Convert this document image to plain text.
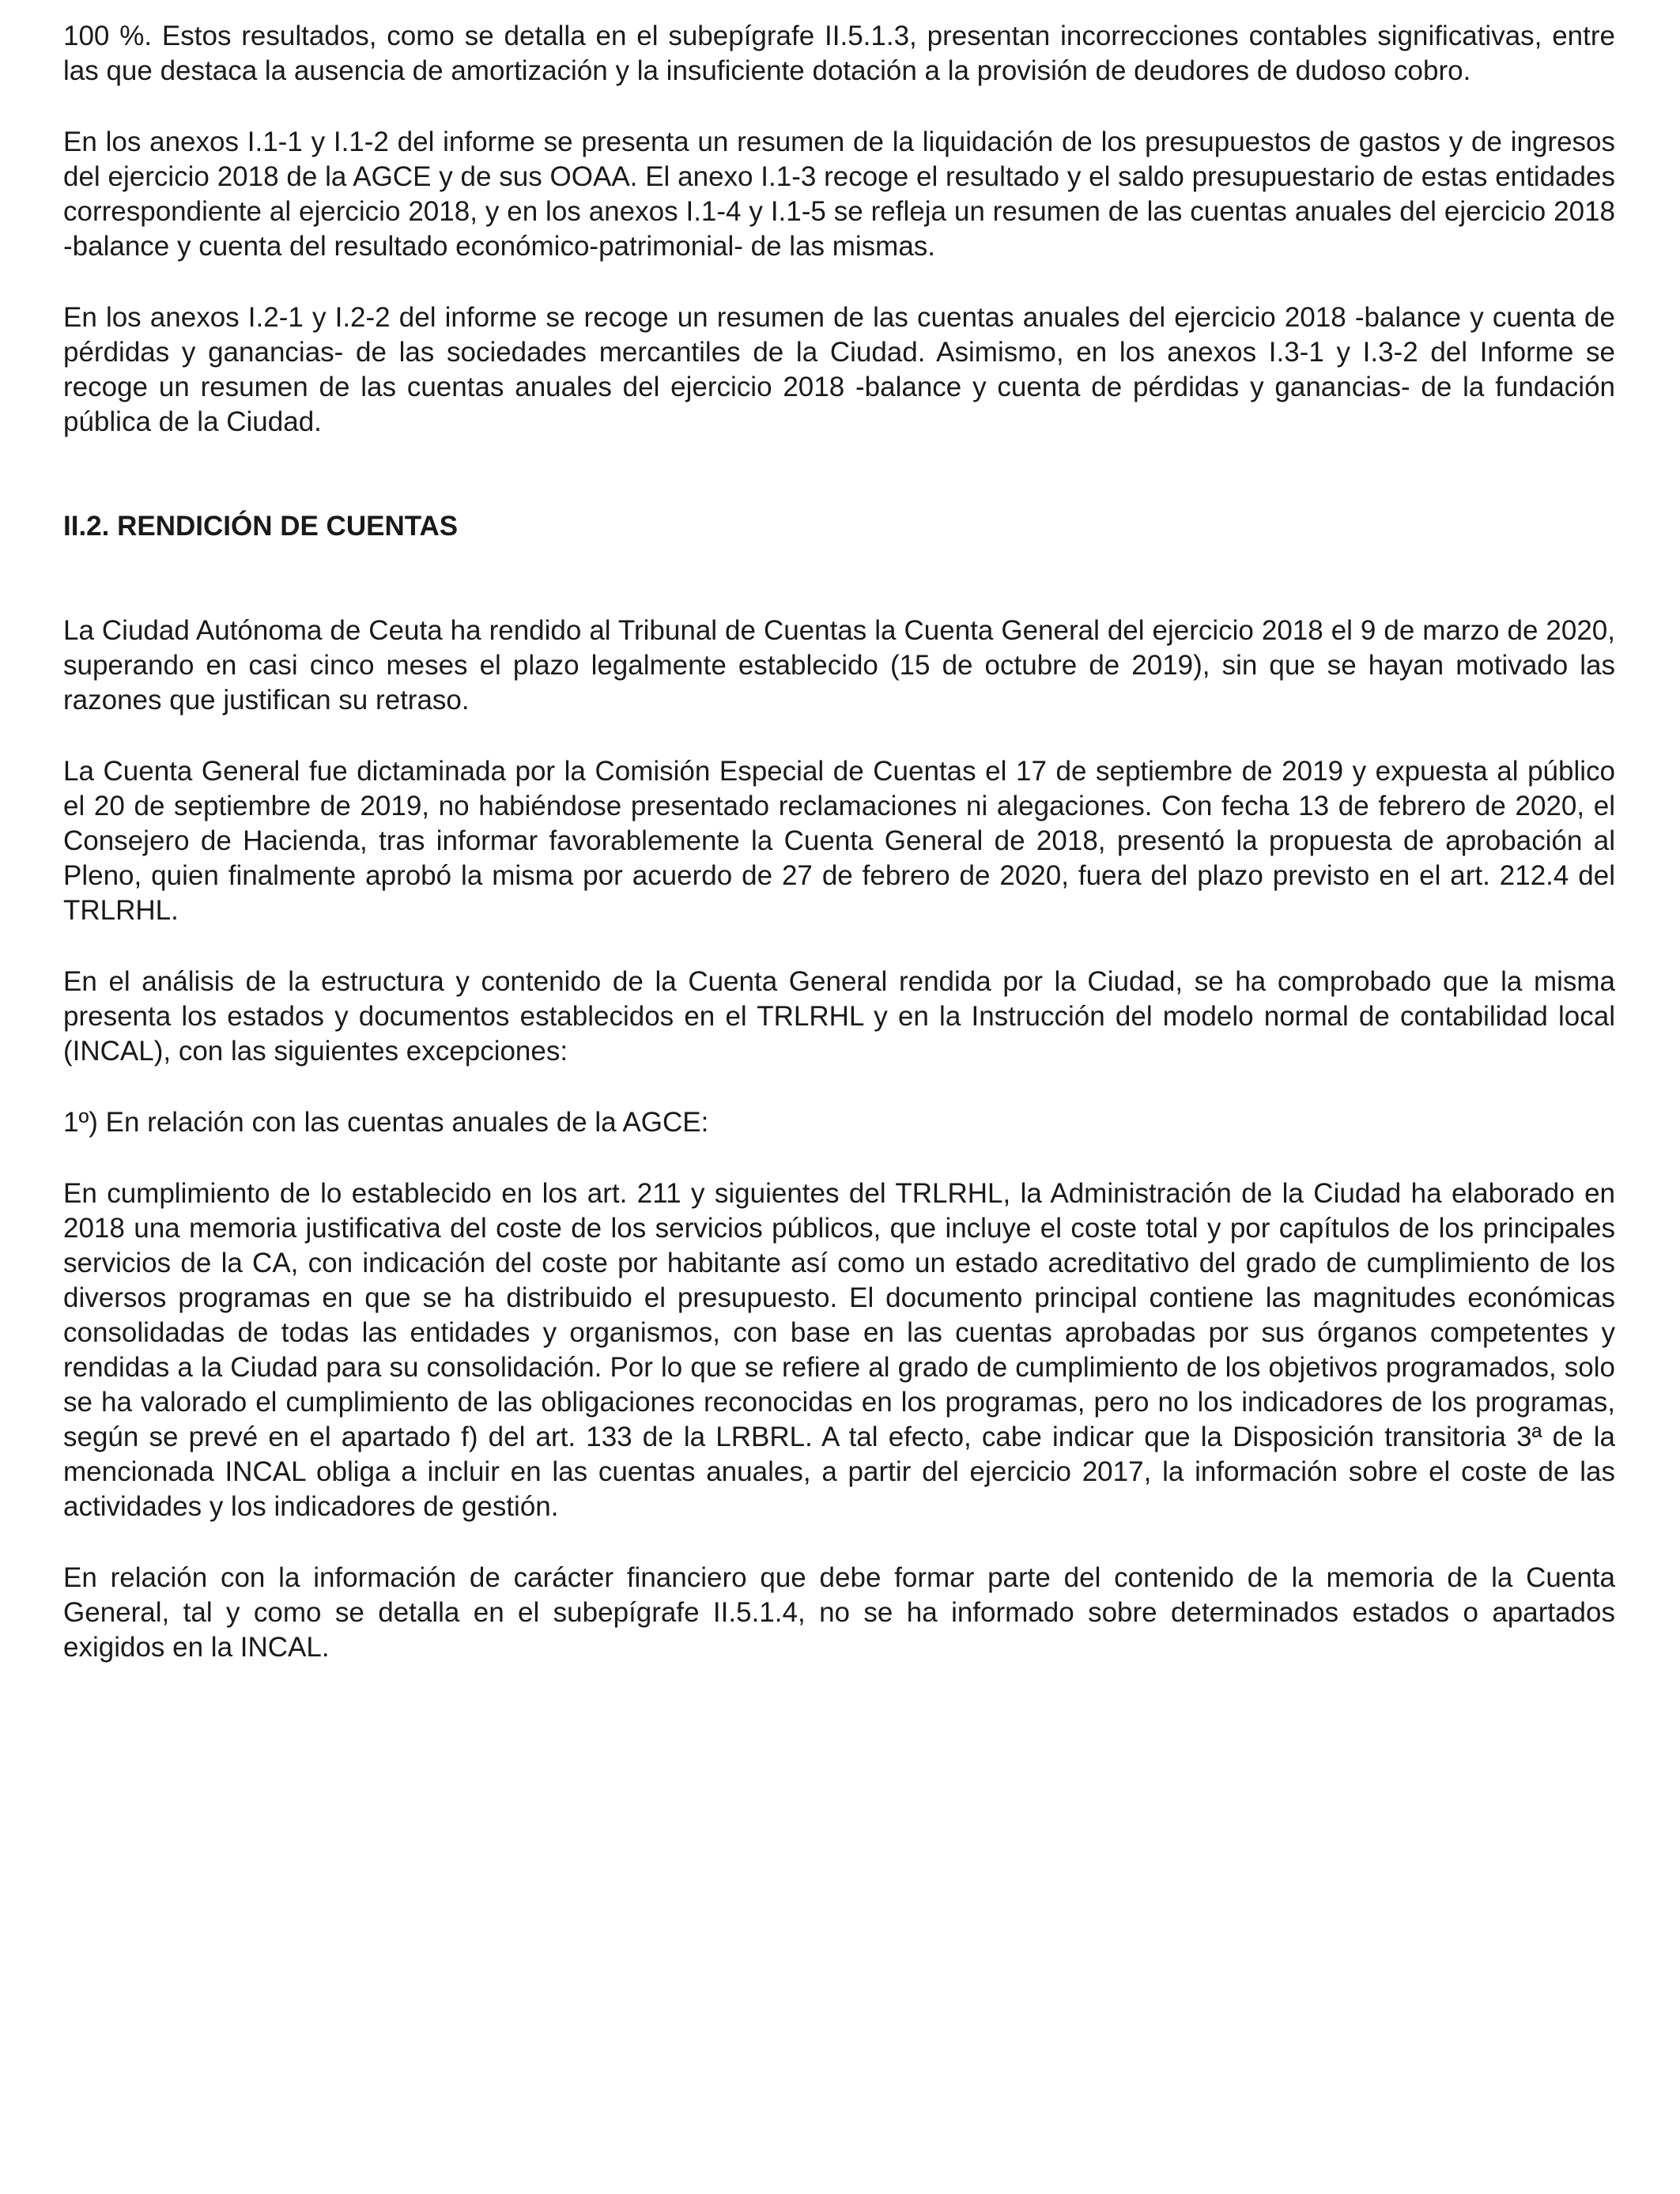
100 %. Estos resultados, como se detalla en el subepígrafe II.5.1.3, presentan incorrecciones contables significativas, entre las que destaca la ausencia de amortización y la insuficiente dotación a la provisión de deudores de dudoso cobro.

En los anexos I.1-1 y I.1-2 del informe se presenta un resumen de la liquidación de los presupuestos de gastos y de ingresos del ejercicio 2018 de la AGCE y de sus OOAA. El anexo I.1-3 recoge el resultado y el saldo presupuestario de estas entidades correspondiente al ejercicio 2018, y en los anexos I.1-4 y I.1-5 se refleja un resumen de las cuentas anuales del ejercicio 2018 -balance y cuenta del resultado económico-patrimonial- de las mismas.

En los anexos I.2-1 y I.2-2 del informe se recoge un resumen de las cuentas anuales del ejercicio 2018 -balance y cuenta de pérdidas y ganancias- de las sociedades mercantiles de la Ciudad. Asimismo, en los anexos I.3-1 y I.3-2 del Informe se recoge un resumen de las cuentas anuales del ejercicio 2018 -balance y cuenta de pérdidas y ganancias- de la fundación pública de la Ciudad.

II.2. RENDICIÓN DE CUENTAS

La Ciudad Autónoma de Ceuta ha rendido al Tribunal de Cuentas la Cuenta General del ejercicio 2018 el 9 de marzo de 2020, superando en casi cinco meses el plazo legalmente establecido (15 de octubre de 2019), sin que se hayan motivado las razones que justifican su retraso.

La Cuenta General fue dictaminada por la Comisión Especial de Cuentas el 17 de septiembre de 2019 y expuesta al público el 20 de septiembre de 2019, no habiéndose presentado reclamaciones ni alegaciones. Con fecha 13 de febrero de 2020, el Consejero de Hacienda, tras informar favorablemente la Cuenta General de 2018, presentó la propuesta de aprobación al Pleno, quien finalmente aprobó la misma por acuerdo de 27 de febrero de 2020, fuera del plazo previsto en el art. 212.4 del TRLRHL.

En el análisis de la estructura y contenido de la Cuenta General rendida por la Ciudad, se ha comprobado que la misma presenta los estados y documentos establecidos en el TRLRHL y en la Instrucción del modelo normal de contabilidad local (INCAL), con las siguientes excepciones:

1º) En relación con las cuentas anuales de la AGCE:

En cumplimiento de lo establecido en los art. 211 y siguientes del TRLRHL, la Administración de la Ciudad ha elaborado en 2018 una memoria justificativa del coste de los servicios públicos, que incluye el coste total y por capítulos de los principales servicios de la CA, con indicación del coste por habitante así como un estado acreditativo del grado de cumplimiento de los diversos programas en que se ha distribuido el presupuesto. El documento principal contiene las magnitudes económicas consolidadas de todas las entidades y organismos, con base en las cuentas aprobadas por sus órganos competentes y rendidas a la Ciudad para su consolidación. Por lo que se refiere al grado de cumplimiento de los objetivos programados, solo se ha valorado el cumplimiento de las obligaciones reconocidas en los programas, pero no los indicadores de los programas, según se prevé en el apartado f) del art. 133 de la LRBRL. A tal efecto, cabe indicar que la Disposición transitoria 3ª de la mencionada INCAL obliga a incluir en las cuentas anuales, a partir del ejercicio 2017, la información sobre el coste de las actividades y los indicadores de gestión.

En relación con la información de carácter financiero que debe formar parte del contenido de la memoria de la Cuenta General, tal y como se detalla en el subepígrafe II.5.1.4, no se ha informado sobre determinados estados o apartados exigidos en la INCAL.
